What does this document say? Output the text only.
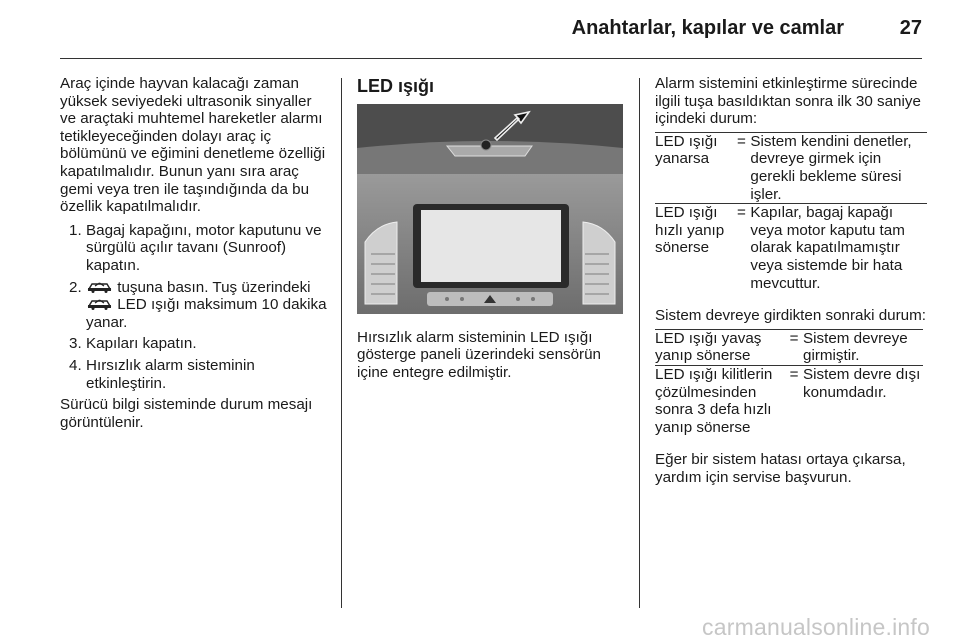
Anahtarlar, kapılar ve camlar	27

Araç içinde hayvan kalacağı zaman yüksek seviyedeki ultrasonik sinyaller ve araçtaki muhtemel hareketler alarmı tetikleyeceğinden dolayı araç iç bölümünü ve eğimini denetleme özelliği kapatılmalıdır. Bunun yanı sıra araç gemi veya tren ile taşındığında da bu özellik kapatılmalıdır.

1. Bagaj kapağını, motor kaputunu ve sürgülü açılır tavanı (Sunroof) kapatın.
2. tuşuna basın. Tuş üzerindeki
LED ışığı maksimum 10 dakika yanar.
3. Kapıları kapatın.
4. Hırsızlık alarm sisteminin etkinleştirin.

Sürücü bilgi sisteminde durum mesajı görüntülenir.

LED ışığı

Hırsızlık alarm sisteminin LED ışığı gösterge paneli üzerindeki sensörün içine entegre edilmiştir.

Alarm sistemini etkinleştirme sürecinde ilgili tuşa basıldıktan sonra ilk 30 saniye içindeki durum:

LED ışığı yanarsa	=	Sistem kendini denetler, devreye girmek için gerekli bekleme süresi işler.
LED ışığı hızlı yanıp sönerse	=	Kapılar, bagaj kapağı veya motor kaputu tam olarak kapatılmamıştır veya sistemde bir hata mevcuttur.

Sistem devreye girdikten sonraki durum:

LED ışığı yavaş yanıp sönerse	=	Sistem devreye girmiştir.
LED ışığı kilitlerin çözülmesinden sonra 3 defa hızlı yanıp sönerse	=	Sistem devre dışı konumdadır.

Eğer bir sistem hatası ortaya çıkarsa, yardım için servise başvurun.

carmanualsonline.info
